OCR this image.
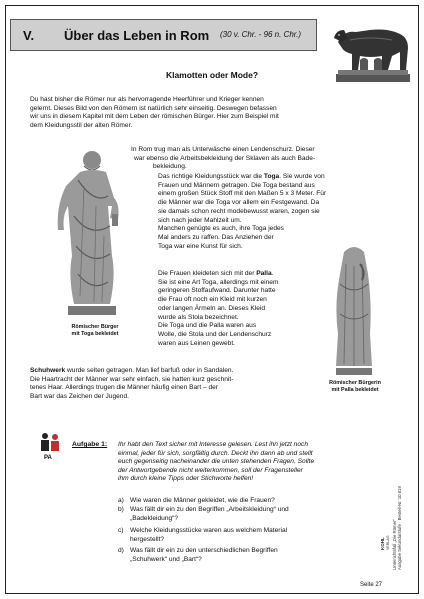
V. Über das Leben in Rom (30 v. Chr. - 96 n. Chr.)
Klamotten oder Mode?
Du hast bisher die Römer nur als hervorragende Heerführer und Krieger kennen
gelernt. Dieses Bild von den Römern ist natürlich sehr einseitig. Deswegen befassen
wir uns in diesem Kapitel mit dem Leben der römischen Bürger. Hier zum Beispiel mit
dem Kleidungsstil der alten Römer.
Römischer Bürger
mit Toga bekleidet
In Rom trug man als Unterwäsche einen Lendenschurz. Dieser
war ebenso die Arbeitsbekleidung der Sklaven als auch Bade-
bekleidung.
Das richtige Kleidungsstück war die Toga. Sie wurde von
Frauen und Männern getragen. Die Toga bestand aus
einem großen Stück Stoff mit den Maßen 5 x 3 Meter. Für
die Männer war die Toga vor allem ein Festgewand. Da
sie damals schon recht modebewusst waren, zogen sie
sich nach jeder Mahlzeit um.
Manchen genügte es auch, ihre Toga jedes
Mal anders zu raffen. Das Anziehen der
Toga war eine Kunst für sich.
Die Frauen kleideten sich mit der Palla.
Sie ist eine Art Toga, allerdings mit einem
geringeren Stoffaufwand. Darunter hatte
die Frau oft noch ein Kleid mit kurzen
oder langen Ärmeln an. Dieses Kleid
wurde als Stola bezeichnet.
Die Toga und die Palla waren aus
Wolle, die Stola und der Lendenschurz
waren aus Leinen gewebt.
Römischer Bürgerin
mit Palla bekleidet
Schuhwerk wurde selten getragen. Man lief barfuß oder in Sandalen.
Die Haartracht der Männer war sehr einfach, sie hatten kurz geschnit-
tenes Haar. Allerdings trugen die Männer häufig einen Bart – der
Bart war das Zeichen der Jugend.
PA
Aufgabe 1: Ihr habt den Text sicher mit Interesse gelesen. Lest ihn jetzt noch
einmal, jeder für sich, sorgfältig durch. Deckt ihn dann ab und stellt
euch gegenseitig nacheinander die unten stehenden Fragen. Sollte
der Antwortgebende nicht weiterkommen, soll der Fragensteller
ihm durch kleine Tipps oder Stichworte helfen!
a) Wie waren die Männer gekleidet, wie die Frauen?
b) Was fällt dir ein zu den Begriffen „Arbeitskleidung“ und
„Badekleidung“?
c) Welche Kleidungsstücke waren aus welchem Material
hergestellt?
d) Was fällt dir ein zu den unterschiedlichen Begriffen
„Schuhwerk“ und „Bart“?	Unterrichtsfall „Die Römer“ Ausgabe Sekundarstufe · Bestell-Nr. 10 819
KOHL VERLAG
Seite 27
